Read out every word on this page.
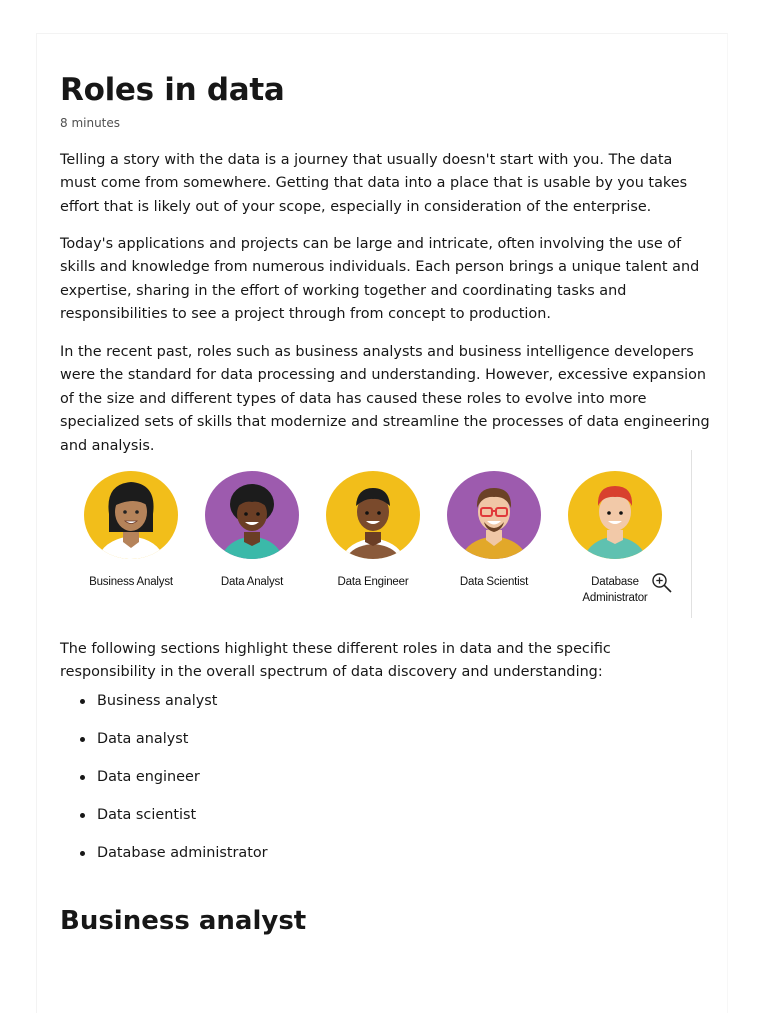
Roles in data
8 minutes

Telling a story with the data is a journey that usually doesn't start with you. The data must come from somewhere. Getting that data into a place that is usable by you takes effort that is likely out of your scope, especially in consideration of the enterprise.

Today's applications and projects can be large and intricate, often involving the use of skills and knowledge from numerous individuals. Each person brings a unique talent and expertise, sharing in the effort of working together and coordinating tasks and responsibilities to see a project through from concept to production.

In the recent past, roles such as business analysts and business intelligence developers were the standard for data processing and understanding. However, excessive expansion of the size and different types of data has caused these roles to evolve into more specialized sets of skills that modernize and streamline the processes of data engineering and analysis.

Business Analyst	Data Analyst	Data Engineer	Data Scientist	Database
Administrator

The following sections highlight these different roles in data and the specific responsibility in the overall spectrum of data discovery and understanding:

Business analyst
Data analyst
Data engineer
Data scientist
Database administrator
Business analyst
